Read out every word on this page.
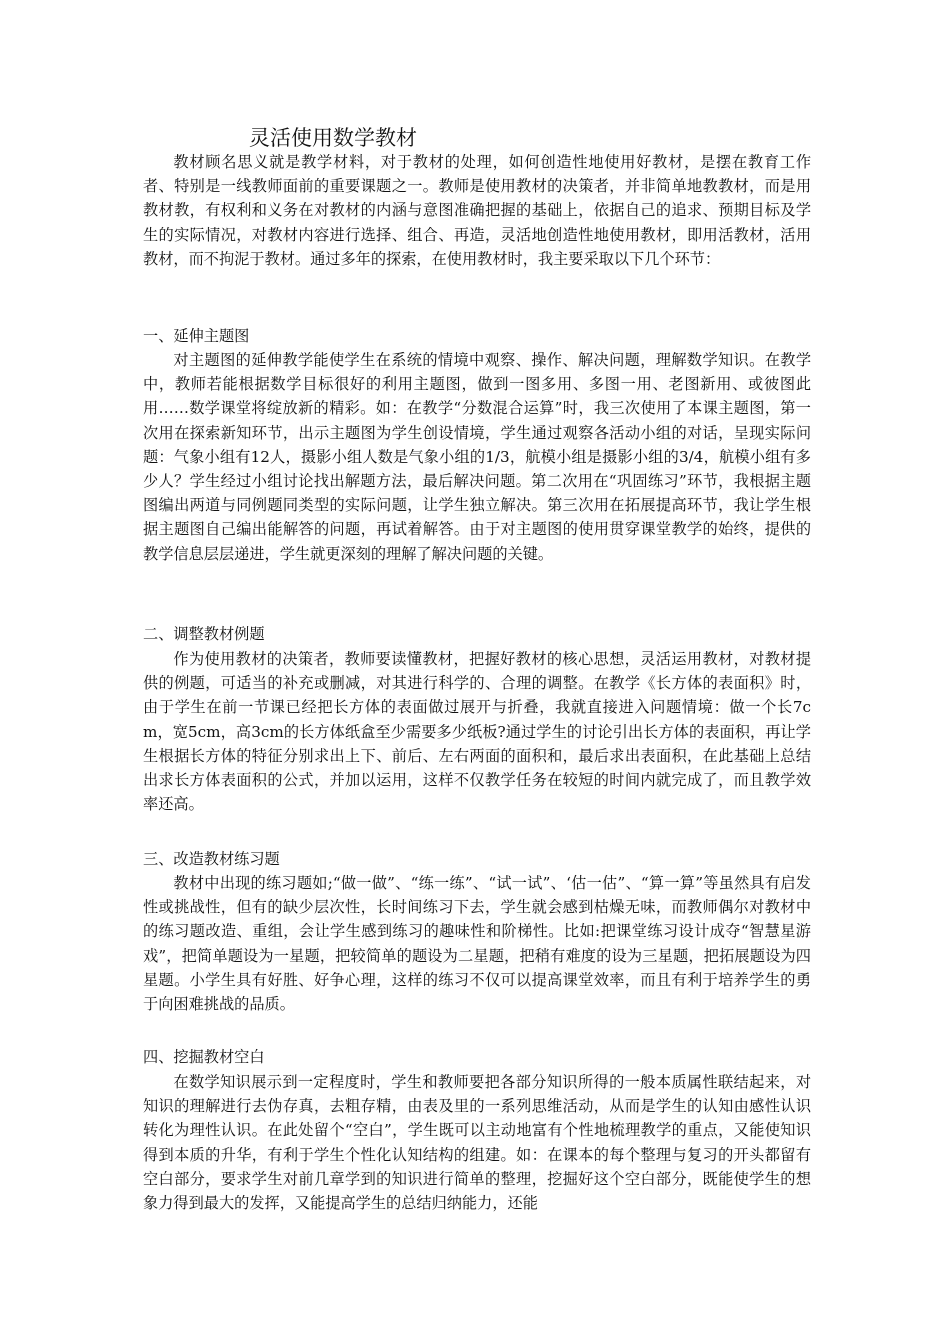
灵活使用数学教材

教材顾名思义就是教学材料，对于教材的处理，如何创造性地使用好教材，是摆在教育工作者、特别是一线教师面前的重要课题之一。教师是使用教材的决策者，并非简单地教教材，而是用教材教，有权利和义务在对教材的内涵与意图准确把握的基础上，依据自己的追求、预期目标及学生的实际情况，对教材内容进行选择、组合、再造，灵活地创造性地使用教材，即用活教材，活用教材，而不拘泥于教材。通过多年的探索，在使用教材时，我主要采取以下几个环节：

一、延伸主题图

对主题图的延伸教学能使学生在系统的情境中观察、操作、解决问题，理解数学知识。在教学中，教师若能根据数学目标很好的利用主题图，做到一图多用、多图一用、老图新用、或彼图此用……数学课堂将绽放新的精彩。如：在教学“分数混合运算”时，我三次使用了本课主题图，第一次用在探索新知环节，出示主题图为学生创设情境，学生通过观察各活动小组的对话，呈现实际问题：气象小组有12人，摄影小组人数是气象小组的1/3，航模小组是摄影小组的3/4，航模小组有多少人？学生经过小组讨论找出解题方法，最后解决问题。第二次用在“巩固练习”环节，我根据主题图编出两道与同例题同类型的实际问题，让学生独立解决。第三次用在拓展提高环节，我让学生根据主题图自己编出能解答的问题，再试着解答。由于对主题图的使用贯穿课堂教学的始终，提供的教学信息层层递进，学生就更深刻的理解了解决问题的关键。

二、调整教材例题

作为使用教材的决策者，教师要读懂教材，把握好教材的核心思想，灵活运用教材，对教材提供的例题，可适当的补充或删减，对其进行科学的、合理的调整。在教学《长方体的表面积》时，由于学生在前一节课已经把长方体的表面做过展开与折叠，我就直接进入问题情境：做一个长7cm，宽5cm，高3cm的长方体纸盒至少需要多少纸板?通过学生的讨论引出长方体的表面积，再让学生根据长方体的特征分别求出上下、前后、左右两面的面积和，最后求出表面积，在此基础上总结出求长方体表面积的公式，并加以运用，这样不仅教学任务在较短的时间内就完成了，而且教学效率还高。

三、改造教材练习题

教材中出现的练习题如;“做一做”、“练一练”、“试一试”、‘估一估”、“算一算”等虽然具有启发性或挑战性，但有的缺少层次性，长时间练习下去，学生就会感到枯燥无味，而教师偶尔对教材中的练习题改造、重组，会让学生感到练习的趣味性和阶梯性。比如:把课堂练习设计成夺“智慧星游戏”，把简单题设为一星题，把较简单的题设为二星题，把稍有难度的设为三星题，把拓展题设为四星题。小学生具有好胜、好争心理，这样的练习不仅可以提高课堂效率，而且有利于培养学生的勇于向困难挑战的品质。

四、挖掘教材空白

在数学知识展示到一定程度时，学生和教师要把各部分知识所得的一般本质属性联结起来，对知识的理解进行去伪存真，去粗存精，由表及里的一系列思维活动，从而是学生的认知由感性认识转化为理性认识。在此处留个“空白”，学生既可以主动地富有个性地梳理教学的重点，又能使知识得到本质的升华，有利于学生个性化认知结构的组建。如：在课本的每个整理与复习的开头都留有空白部分，要求学生对前几章学到的知识进行简单的整理，挖掘好这个空白部分，既能使学生的想象力得到最大的发挥，又能提高学生的总结归纳能力，还能
